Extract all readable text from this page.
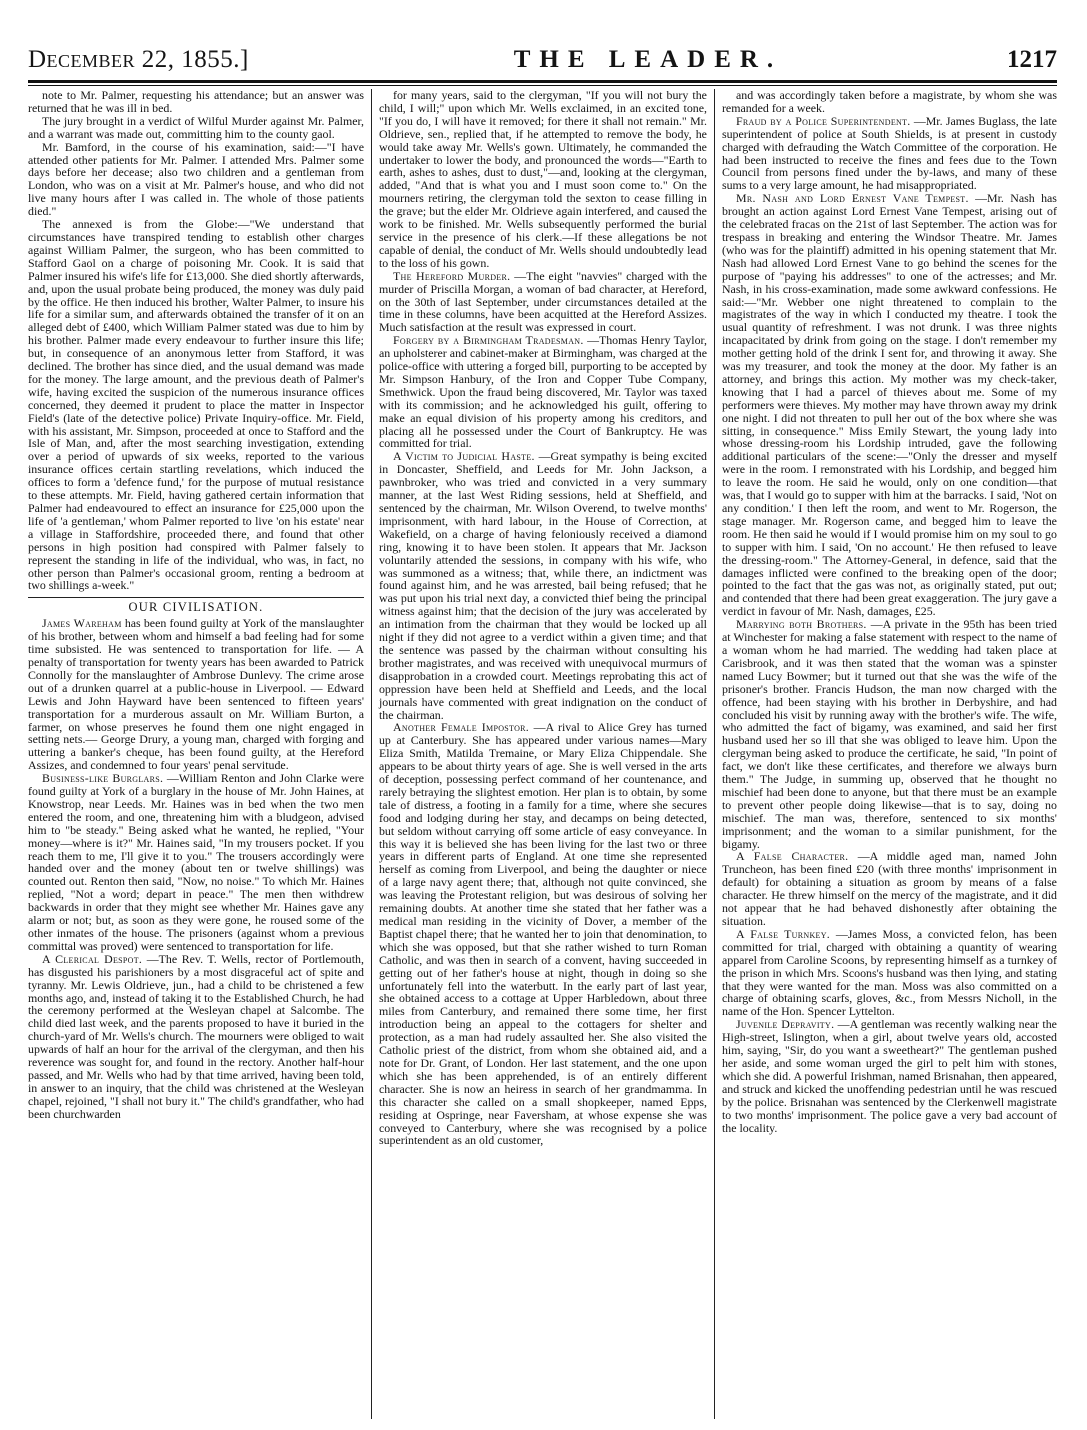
December 22, 1855.]	THE LEADER.	1217

note to Mr. Palmer, requesting his attendance; but an answer was returned that he was ill in bed.

The jury brought in a verdict of Wilful Murder against Mr. Palmer, and a warrant was made out, committing him to the county gaol.

Mr. Bamford, in the course of his examination, said:—"I have attended other patients for Mr. Palmer. I attended Mrs. Palmer some days before her decease; also two children and a gentleman from London, who was on a visit at Mr. Palmer's house, and who did not live many hours after I was called in. The whole of those patients died."

The annexed is from the Globe:—"We understand that circumstances have transpired tending to establish other charges against William Palmer, the surgeon, who has been committed to Stafford Gaol on a charge of poisoning Mr. Cook. It is said that Palmer insured his wife's life for £13,000. She died shortly afterwards, and, upon the usual probate being produced, the money was duly paid by the office. He then induced his brother, Walter Palmer, to insure his life for a similar sum, and afterwards obtained the transfer of it on an alleged debt of £400, which William Palmer stated was due to him by his brother. Palmer made every endeavour to further insure this life; but, in consequence of an anonymous letter from Stafford, it was declined. The brother has since died, and the usual demand was made for the money. The large amount, and the previous death of Palmer's wife, having excited the suspicion of the numerous insurance offices concerned, they deemed it prudent to place the matter in Inspector Field's (late of the detective police) Private Inquiry-office. Mr. Field, with his assistant, Mr. Simpson, proceeded at once to Stafford and the Isle of Man, and, after the most searching investigation, extending over a period of upwards of six weeks, reported to the various insurance offices certain startling revelations, which induced the offices to form a 'defence fund,' for the purpose of mutual resistance to these attempts. Mr. Field, having gathered certain information that Palmer had endeavoured to effect an insurance for £25,000 upon the life of 'a gentleman,' whom Palmer reported to live 'on his estate' near a village in Staffordshire, proceeded there, and found that other persons in high position had conspired with Palmer falsely to represent the standing in life of the individual, who was, in fact, no other person than Palmer's occasional groom, renting a bedroom at two shillings a-week."

OUR CIVILISATION.

James Wareham has been found guilty at York of the manslaughter of his brother, between whom and himself a bad feeling had for some time subsisted. He was sentenced to transportation for life. — A penalty of transportation for twenty years has been awarded to Patrick Connolly for the manslaughter of Ambrose Dunlevy. The crime arose out of a drunken quarrel at a public-house in Liverpool. — Edward Lewis and John Hayward have been sentenced to fifteen years' transportation for a murderous assault on Mr. William Burton, a farmer, on whose preserves he found them one night engaged in setting nets.— George Drury, a young man, charged with forging and uttering a banker's cheque, has been found guilty, at the Hereford Assizes, and condemned to four years' penal servitude.

Business-like Burglars. —William Renton and John Clarke were found guilty at York of a burglary in the house of Mr. John Haines, at Knowstrop, near Leeds. Mr. Haines was in bed when the two men entered the room, and one, threatening him with a bludgeon, advised him to "be steady." Being asked what he wanted, he replied, "Your money—where is it?" Mr. Haines said, "In my trousers pocket. If you reach them to me, I'll give it to you." The trousers accordingly were handed over and the money (about ten or twelve shillings) was counted out. Renton then said, "Now, no noise." To which Mr. Haines replied, "Not a word; depart in peace." The men then withdrew backwards in order that they might see whether Mr. Haines gave any alarm or not; but, as soon as they were gone, he roused some of the other inmates of the house. The prisoners (against whom a previous committal was proved) were sentenced to transportation for life.

A Clerical Despot. —The Rev. T. Wells, rector of Portlemouth, has disgusted his parishioners by a most disgraceful act of spite and tyranny. Mr. Lewis Oldrieve, jun., had a child to be christened a few months ago, and, instead of taking it to the Established Church, he had the ceremony performed at the Wesleyan chapel at Salcombe. The child died last week, and the parents proposed to have it buried in the church-yard of Mr. Wells's church. The mourners were obliged to wait upwards of half an hour for the arrival of the clergyman, and then his reverence was sought for, and found in the rectory. Another half-hour passed, and Mr. Wells who had by that time arrived, having been told, in answer to an inquiry, that the child was christened at the Wesleyan chapel, rejoined, "I shall not bury it." The child's grandfather, who had been churchwarden

for many years, said to the clergyman, "If you will not bury the child, I will;" upon which Mr. Wells exclaimed, in an excited tone, "If you do, I will have it removed; for there it shall not remain." Mr. Oldrieve, sen., replied that, if he attempted to remove the body, he would take away Mr. Wells's gown. Ultimately, he commanded the undertaker to lower the body, and pronounced the words—"Earth to earth, ashes to ashes, dust to dust,"—and, looking at the clergyman, added, "And that is what you and I must soon come to." On the mourners retiring, the clergyman told the sexton to cease filling in the grave; but the elder Mr. Oldrieve again interfered, and caused the work to be finished. Mr. Wells subsequently performed the burial service in the presence of his clerk.—If these allegations be not capable of denial, the conduct of Mr. Wells should undoubtedly lead to the loss of his gown.

The Hereford Murder. —The eight "navvies" charged with the murder of Priscilla Morgan, a woman of bad character, at Hereford, on the 30th of last September, under circumstances detailed at the time in these columns, have been acquitted at the Hereford Assizes. Much satisfaction at the result was expressed in court.

Forgery by a Birmingham Tradesman. —Thomas Henry Taylor, an upholsterer and cabinet-maker at Birmingham, was charged at the police-office with uttering a forged bill, purporting to be accepted by Mr. Simpson Hanbury, of the Iron and Copper Tube Company, Smethwick. Upon the fraud being discovered, Mr. Taylor was taxed with its commission; and he acknowledged his guilt, offering to make an equal division of his property among his creditors, and placing all he possessed under the Court of Bankruptcy. He was committed for trial.

A Victim to Judicial Haste. —Great sympathy is being excited in Doncaster, Sheffield, and Leeds for Mr. John Jackson, a pawnbroker, who was tried and convicted in a very summary manner, at the last West Riding sessions, held at Sheffield, and sentenced by the chairman, Mr. Wilson Overend, to twelve months' imprisonment, with hard labour, in the House of Correction, at Wakefield, on a charge of having feloniously received a diamond ring, knowing it to have been stolen. It appears that Mr. Jackson voluntarily attended the sessions, in company with his wife, who was summoned as a witness; that, while there, an indictment was found against him, and he was arrested, bail being refused; that he was put upon his trial next day, a convicted thief being the principal witness against him; that the decision of the jury was accelerated by an intimation from the chairman that they would be locked up all night if they did not agree to a verdict within a given time; and that the sentence was passed by the chairman without consulting his brother magistrates, and was received with unequivocal murmurs of disapprobation in a crowded court. Meetings reprobating this act of oppression have been held at Sheffield and Leeds, and the local journals have commented with great indignation on the conduct of the chairman.

Another Female Impostor. —A rival to Alice Grey has turned up at Canterbury. She has appeared under various names—Mary Eliza Smith, Matilda Tremaine, or Mary Eliza Chippendale. She appears to be about thirty years of age. She is well versed in the arts of deception, possessing perfect command of her countenance, and rarely betraying the slightest emotion. Her plan is to obtain, by some tale of distress, a footing in a family for a time, where she secures food and lodging during her stay, and decamps on being detected, but seldom without carrying off some article of easy conveyance. In this way it is believed she has been living for the last two or three years in different parts of England. At one time she represented herself as coming from Liverpool, and being the daughter or niece of a large navy agent there; that, although not quite convinced, she was leaving the Protestant religion, but was desirous of solving her remaining doubts. At another time she stated that her father was a medical man residing in the vicinity of Dover, a member of the Baptist chapel there; that he wanted her to join that denomination, to which she was opposed, but that she rather wished to turn Roman Catholic, and was then in search of a convent, having succeeded in getting out of her father's house at night, though in doing so she unfortunately fell into the waterbutt. In the early part of last year, she obtained access to a cottage at Upper Harbledown, about three miles from Canterbury, and remained there some time, her first introduction being an appeal to the cottagers for shelter and protection, as a man had rudely assaulted her. She also visited the Catholic priest of the district, from whom she obtained aid, and a note for Dr. Grant, of London. Her last statement, and the one upon which she has been apprehended, is of an entirely different character. She is now an heiress in search of her grandmamma. In this character she called on a small shopkeeper, named Epps, residing at Ospringe, near Faversham, at whose expense she was conveyed to Canterbury, where she was recognised by a police superintendent as an old customer,

and was accordingly taken before a magistrate, by whom she was remanded for a week.

Fraud by a Police Superintendent. —Mr. James Buglass, the late superintendent of police at South Shields, is at present in custody charged with defrauding the Watch Committee of the corporation. He had been instructed to receive the fines and fees due to the Town Council from persons fined under the by-laws, and many of these sums to a very large amount, he had misappropriated.

Mr. Nash and Lord Ernest Vane Tempest. —Mr. Nash has brought an action against Lord Ernest Vane Tempest, arising out of the celebrated fracas on the 21st of last September. The action was for trespass in breaking and entering the Windsor Theatre. Mr. James (who was for the plaintiff) admitted in his opening statement that Mr. Nash had allowed Lord Ernest Vane to go behind the scenes for the purpose of "paying his addresses" to one of the actresses; and Mr. Nash, in his cross-examination, made some awkward confessions. He said:—"Mr. Webber one night threatened to complain to the magistrates of the way in which I conducted my theatre. I took the usual quantity of refreshment. I was not drunk. I was three nights incapacitated by drink from going on the stage. I don't remember my mother getting hold of the drink I sent for, and throwing it away. She was my treasurer, and took the money at the door. My father is an attorney, and brings this action. My mother was my check-taker, knowing that I had a parcel of thieves about me. Some of my performers were thieves. My mother may have thrown away my drink one night. I did not threaten to pull her out of the box where she was sitting, in consequence." Miss Emily Stewart, the young lady into whose dressing-room his Lordship intruded, gave the following additional particulars of the scene:—"Only the dresser and myself were in the room. I remonstrated with his Lordship, and begged him to leave the room. He said he would, only on one condition—that was, that I would go to supper with him at the barracks. I said, 'Not on any condition.' I then left the room, and went to Mr. Rogerson, the stage manager. Mr. Rogerson came, and begged him to leave the room. He then said he would if I would promise him on my soul to go to supper with him. I said, 'On no account.' He then refused to leave the dressing-room." The Attorney-General, in defence, said that the damages inflicted were confined to the breaking open of the door; pointed to the fact that the gas was not, as originally stated, put out; and contended that there had been great exaggeration. The jury gave a verdict in favour of Mr. Nash, damages, £25.

Marrying both Brothers. —A private in the 95th has been tried at Winchester for making a false statement with respect to the name of a woman whom he had married. The wedding had taken place at Carisbrook, and it was then stated that the woman was a spinster named Lucy Bowmer; but it turned out that she was the wife of the prisoner's brother. Francis Hudson, the man now charged with the offence, had been staying with his brother in Derbyshire, and had concluded his visit by running away with the brother's wife. The wife, who admitted the fact of bigamy, was examined, and said her first husband used her so ill that she was obliged to leave him. Upon the clergyman being asked to produce the certificate, he said, "In point of fact, we don't like these certificates, and therefore we always burn them." The Judge, in summing up, observed that he thought no mischief had been done to anyone, but that there must be an example to prevent other people doing likewise—that is to say, doing no mischief. The man was, therefore, sentenced to six months' imprisonment; and the woman to a similar punishment, for the bigamy.

A False Character. —A middle aged man, named John Truncheon, has been fined £20 (with three months' imprisonment in default) for obtaining a situation as groom by means of a false character. He threw himself on the mercy of the magistrate, and it did not appear that he had behaved dishonestly after obtaining the situation.

A False Turnkey. —James Moss, a convicted felon, has been committed for trial, charged with obtaining a quantity of wearing apparel from Caroline Scoons, by representing himself as a turnkey of the prison in which Mrs. Scoons's husband was then lying, and stating that they were wanted for the man. Moss was also committed on a charge of obtaining scarfs, gloves, &c., from Messrs Nicholl, in the name of the Hon. Spencer Lyttelton.

Juvenile Depravity. —A gentleman was recently walking near the High-street, Islington, when a girl, about twelve years old, accosted him, saying, "Sir, do you want a sweetheart?" The gentleman pushed her aside, and some woman urged the girl to pelt him with stones, which she did. A powerful Irishman, named Brisnahan, then appeared, and struck and kicked the unoffending pedestrian until he was rescued by the police. Brisnahan was sentenced by the Clerkenwell magistrate to two months' imprisonment. The police gave a very bad account of the locality.
